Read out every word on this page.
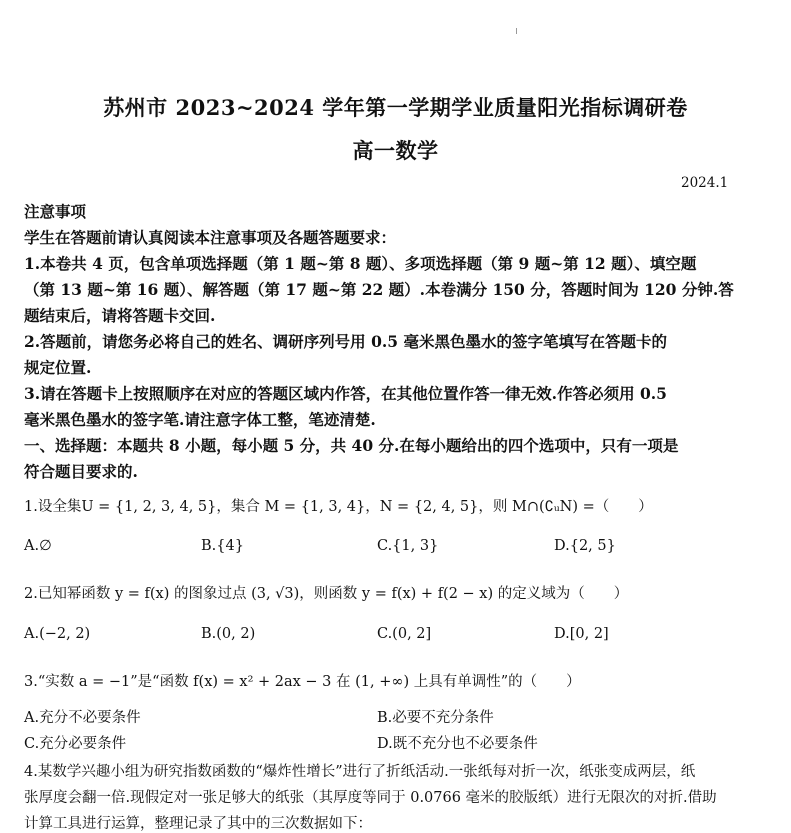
苏州市 2023~2024 学年第一学期学业质量阳光指标调研卷
高一数学
2024.1
注意事项
学生在答题前请认真阅读本注意事项及各题答题要求：
1.本卷共 4 页，包含单项选择题（第 1 题~第 8 题）、多项选择题（第 9 题~第 12 题）、填空题
（第 13 题~第 16 题）、解答题（第 17 题~第 22 题）.本卷满分 150 分，答题时间为 120 分钟.答
题结束后，请将答题卡交回.
2.答题前，请您务必将自己的姓名、调研序列号用 0.5 毫米黑色墨水的签字笔填写在答题卡的
规定位置.
3.请在答题卡上按照顺序在对应的答题区域内作答，在其他位置作答一律无效.作答必须用 0.5
毫米黑色墨水的签字笔.请注意字体工整，笔迹清楚.
一、选择题：本题共 8 小题，每小题 5 分，共 40 分.在每小题给出的四个选项中，只有一项是
符合题目要求的.
1.设全集U = {1, 2, 3, 4, 5}，集合 M = {1, 3, 4}，N = {2, 4, 5}，则 M∩(∁ᵤN) =（　　）
A.∅	B.{4}	C.{1, 3}	D.{2, 5}
2.已知幂函数 y = f(x) 的图象过点 (3, √3)，则函数 y = f(x) + f(2 − x) 的定义域为（　　）
A.(−2, 2)	B.(0, 2)	C.(0, 2]	D.[0, 2]
3.“实数 a = −1”是“函数 f(x) = x² + 2ax − 3 在 (1, +∞) 上具有单调性”的（　　）
A.充分不必要条件	B.必要不充分条件
C.充分必要条件	D.既不充分也不必要条件
4.某数学兴趣小组为研究指数函数的“爆炸性增长”进行了折纸活动.一张纸每对折一次，纸张变成两层，纸
张厚度会翻一倍.现假定对一张足够大的纸张（其厚度等同于 0.0766 毫米的胶版纸）进行无限次的对折.借助
计算工具进行运算，整理记录了其中的三次数据如下：
